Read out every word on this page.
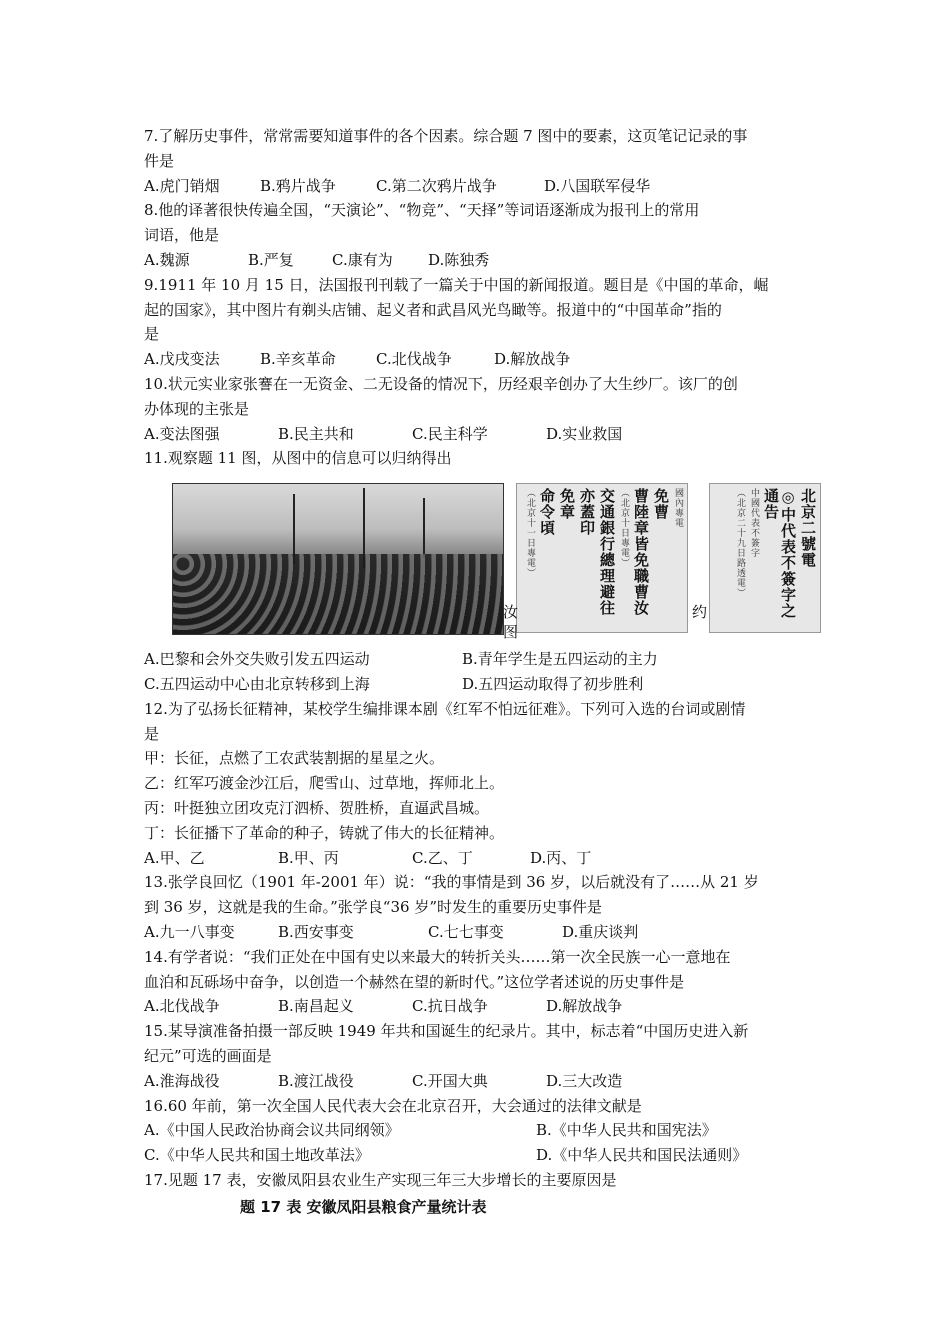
7.了解历史事件，常常需要知道事件的各个因素。综合题 7 图中的要素，这页笔记记录的事
件是
A.虎门销烟	B.鸦片战争	C.第二次鸦片战争	D.八国联军侵华
8.他的译著很快传遍全国，“天演论”、“物竞”、“天择”等词语逐渐成为报刊上的常用
词语，他是
A.魏源	B.严复	C.康有为	D.陈独秀
9.1911 年 10 月 15 日，法国报刊刊载了一篇关于中国的新闻报道。题目是《中国的革命，崛
起的国家》，其中图片有剃头店铺、起义者和武昌风光鸟瞰等。报道中的“中国革命”指的
是
A.戊戌变法	B.辛亥革命	C.北伐战争	D.解放战争
10.状元实业家张謇在一无资金、二无设备的情况下，历经艰辛创办了大生纱厂。该厂的创
办体现的主张是
A.变法图强	B.民主共和	C.民主科学	D.实业救国
11.观察题 11 图，从图中的信息可以归纳得出
國內專電
免曹
曹陸章皆免職曹汝
（北京十日專電）
交通銀行總理避往
亦蓋印
免章
命令頃
（北京十一日專電）	北京二號電
◎中代表不簽字之通告
中國代表不簽字
（北京二十九日路透電）
汝
图
约
A.巴黎和会外交失败引发五四运动	B.青年学生是五四运动的主力
C.五四运动中心由北京转移到上海	D.五四运动取得了初步胜利
12.为了弘扬长征精神，某校学生编排课本剧《红军不怕远征难》。下列可入选的台词或剧情
是
甲：长征，点燃了工农武装割据的星星之火。
乙：红军巧渡金沙江后，爬雪山、过草地，挥师北上。
丙：叶挺独立团攻克汀泗桥、贺胜桥，直逼武昌城。
丁：长征播下了革命的种子，铸就了伟大的长征精神。
A.甲、乙	B.甲、丙	C.乙、丁	D.丙、丁
13.张学良回忆（1901 年-2001 年）说：“我的事情是到 36 岁，以后就没有了……从 21 岁
到 36 岁，这就是我的生命。”张学良“36 岁”时发生的重要历史事件是
A.九一八事变	B.西安事变	C.七七事变	D.重庆谈判
14.有学者说：“我们正处在中国有史以来最大的转折关头……第一次全民族一心一意地在
血泊和瓦砾场中奋争，以创造一个赫然在望的新时代。”这位学者述说的历史事件是
A.北伐战争	B.南昌起义	C.抗日战争	D.解放战争
15.某导演准备拍摄一部反映 1949 年共和国诞生的纪录片。其中，标志着“中国历史进入新
纪元”可选的画面是
A.淮海战役	B.渡江战役	C.开国大典	D.三大改造
16.60 年前，第一次全国人民代表大会在北京召开，大会通过的法律文献是
A.《中国人民政治协商会议共同纲领》	B.《中华人民共和国宪法》
C.《中华人民共和国土地改革法》	D.《中华人民共和国民法通则》
17.见题 17 表，安徽凤阳县农业生产实现三年三大步增长的主要原因是
题 17 表 安徽凤阳县粮食产量统计表
